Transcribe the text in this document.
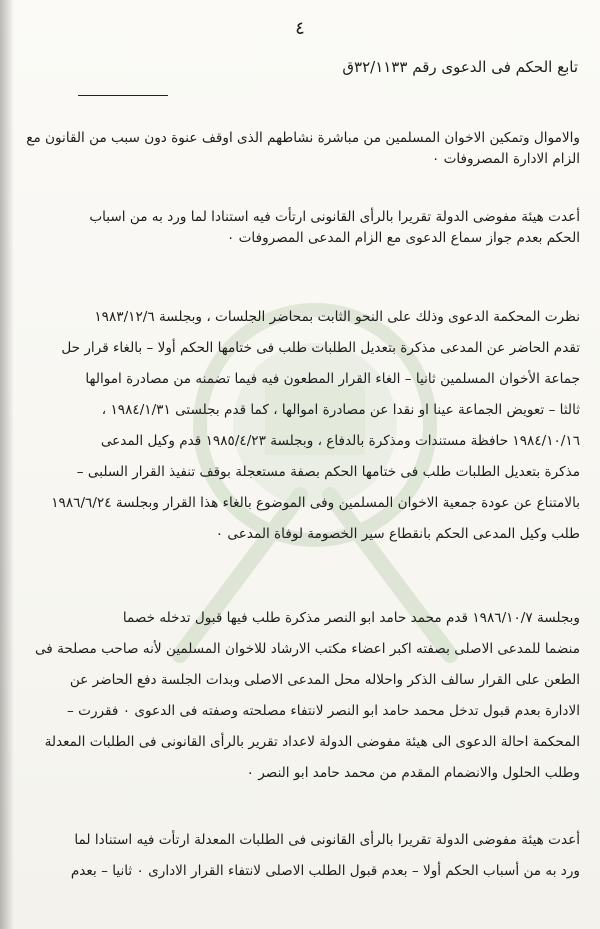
٤
تابع الحكم فى الدعوى رقم ٣٢/١١٣٣ق
والاموال وتمكين الاخوان المسلمين من مباشرة نشاطهم الذى اوقف عنوة دون سبب من القانون مع
الزام الادارة المصروفات ٠
أعدت هيئة مفوضى الدولة تقريرا بالرأى القانونى ارتأت فيه استنادا لما ورد به من اسباب
الحكم بعدم جواز سماع الدعوى مع الزام المدعى المصروفات ٠
نظرت المحكمة الدعوى وذلك على النحو الثابت بمحاضر الجلسات ، وبجلسة ١٩٨٣/١٢/٦
تقدم الحاضر عن المدعى مذكرة بتعديل الطلبات طلب فى ختامها الحكم أولا – بالغاء قرار حل
جماعة الأخوان المسلمين ثانيا – الغاء القرار المطعون فيه فيما تضمنه من مصادرة اموالها
ثالثا – تعويض الجماعة عينا او نقدا عن مصادرة اموالها ، كما قدم بجلستى ١٩٨٤/١/٣١ ،
١٩٨٤/١٠/١٦ حافظة مستندات ومذكرة بالدفاع ، وبجلسة ١٩٨٥/٤/٢٣ قدم وكيل المدعى
مذكرة بتعديل الطلبات طلب فى ختامها الحكم بصفة مستعجلة بوقف تنفيذ القرار السلبى –
بالامتناع عن عودة جمعية الاخوان المسلمين وفى الموضوع بالغاء هذا القرار وبجلسة ١٩٨٦/٦/٢٤
طلب وكيل المدعى الحكم بانقطاع سير الخصومة لوفاة المدعى ٠
وبجلسة ١٩٨٦/١٠/٧ قدم محمد حامد ابو النصر مذكرة طلب فيها قبول تدخله خصما
منضما للمدعى الاصلى بصفته اكبر اعضاء مكتب الارشاد للاخوان المسلمين لأنه صاحب مصلحة فى
الطعن على القرار سالف الذكر واحلاله محل المدعى الاصلى وبدات الجلسة دفع الحاضر عن
الادارة بعدم قبول تدخل محمد حامد ابو النصر لانتفاء مصلحته وصفته فى الدعوى ٠ فقررت –
المحكمة احالة الدعوى الى هيئة مفوضى الدولة لاعداد تقرير بالرأى القانونى فى الطلبات المعدلة
وطلب الحلول والانضمام المقدم من محمد حامد ابو النصر ٠
أعدت هيئة مفوضى الدولة تقريرا بالرأى القانونى فى الطلبات المعدلة ارتأت فيه استنادا لما
ورد به من أسباب الحكم أولا – بعدم قبول الطلب الاصلى لانتفاء القرار الادارى ٠ ثانيا – بعدم
